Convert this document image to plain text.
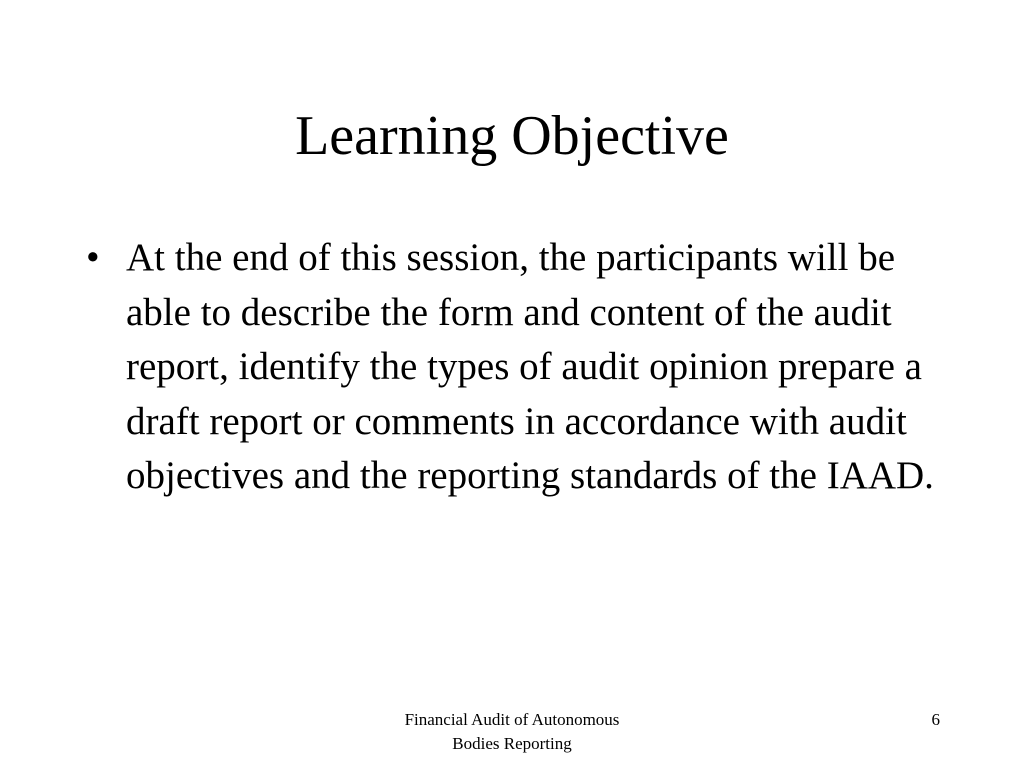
Learning Objective
• At the end of this session, the participants will be able to describe the form and content of the audit report, identify the types of audit opinion prepare a draft report or comments in accordance with audit objectives and the reporting standards of the IAAD.
Financial Audit of Autonomous
Bodies Reporting
6
